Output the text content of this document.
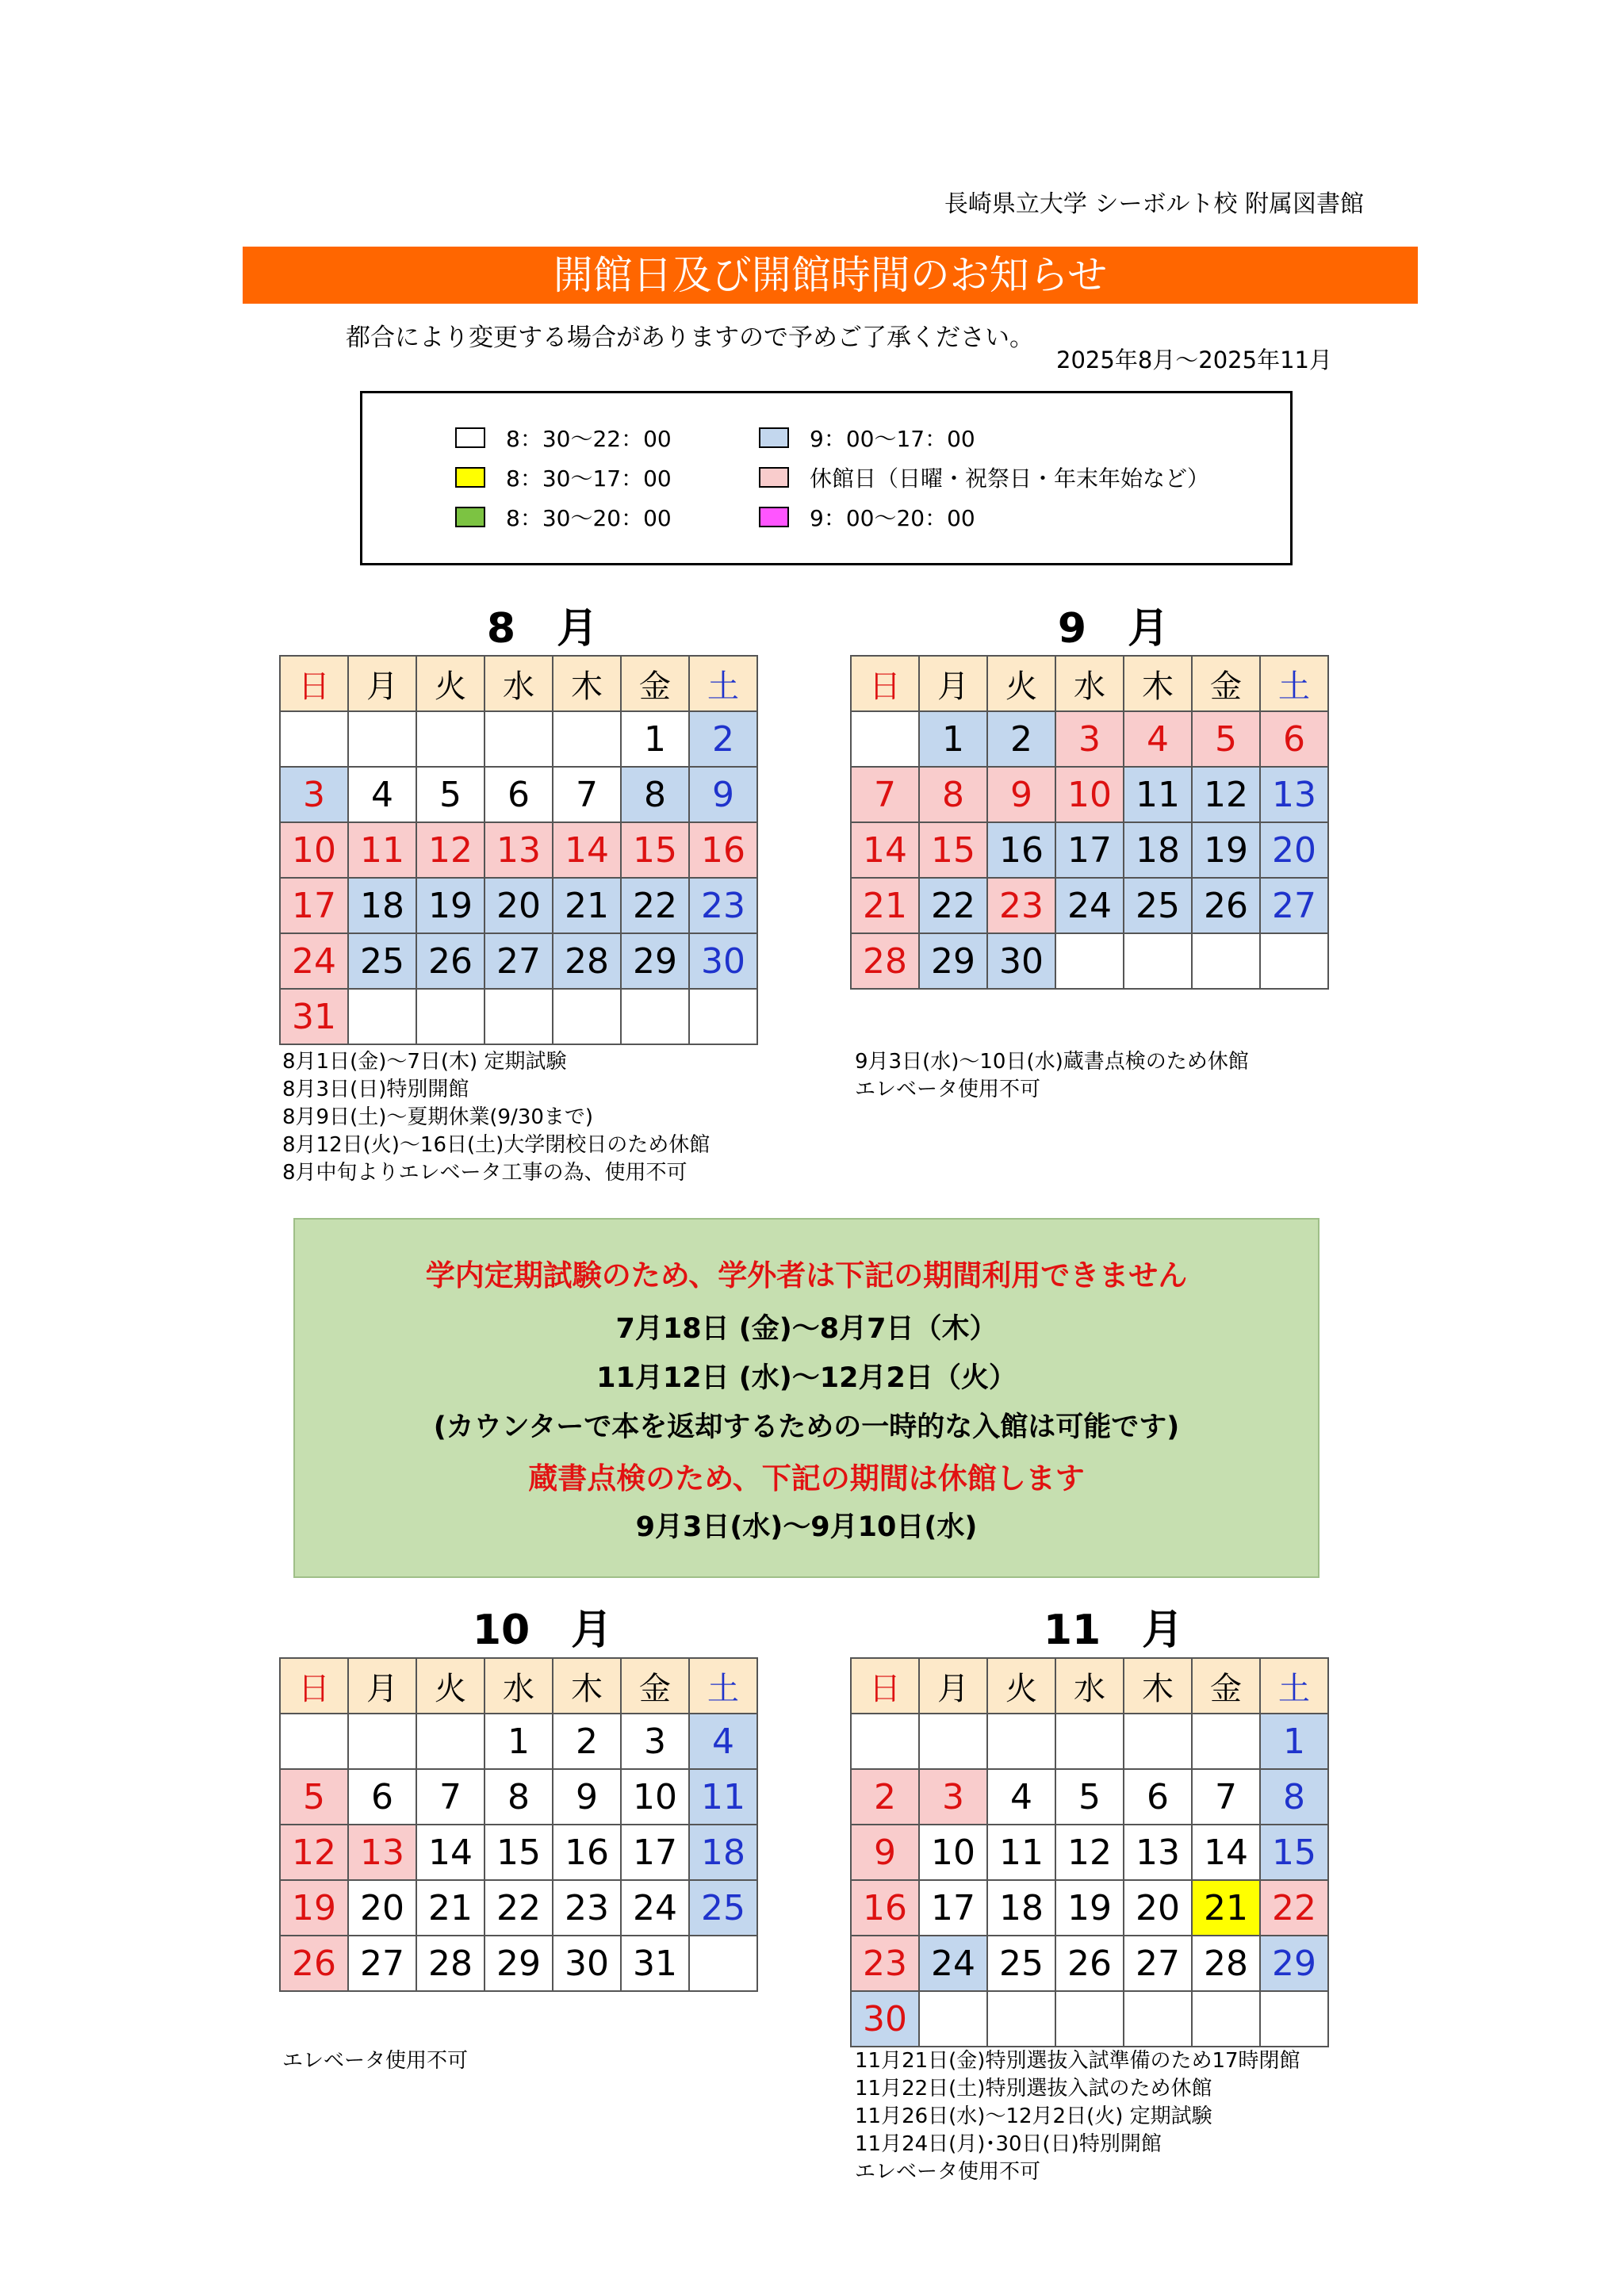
長崎県立大学 シーボルト校 附属図書館
開館日及び開館時間のお知らせ
都合により変更する場合がありますので予めご了承ください。
2025年8月〜2025年11月
8：30〜22：00
8：30〜17：00
8：30〜20：00
9：00〜17：00
休館日（日曜・祝祭日・年末年始など）
9：00〜20：00
8　月
日	月	火	水	木	金	土
					1	2
3	4	5	6	7	8	9
10	11	12	13	14	15	16
17	18	19	20	21	22	23
24	25	26	27	28	29	30
31						
8月1日(金)〜7日(木) 定期試験
8月3日(日)特別開館
8月9日(土)〜夏期休業(9/30まで)
8月12日(火)〜16日(土)大学閉校日のため休館
8月中旬よりエレベータ工事の為、使用不可
9　月
日	月	火	水	木	金	土
	1	2	3	4	5	6
7	8	9	10	11	12	13
14	15	16	17	18	19	20
21	22	23	24	25	26	27
28	29	30				
9月3日(水)〜10日(水)蔵書点検のため休館
エレベータ使用不可
学内定期試験のため、学外者は下記の期間利用できません
7月18日 (金)〜8月7日（木）
11月12日 (水)〜12月2日（火）
(カウンターで本を返却するための一時的な入館は可能です)
蔵書点検のため、下記の期間は休館します
9月3日(水)〜9月10日(水)
10　月
日	月	火	水	木	金	土
			1	2	3	4
5	6	7	8	9	10	11
12	13	14	15	16	17	18
19	20	21	22	23	24	25
26	27	28	29	30	31	
エレベータ使用不可
11　月
日	月	火	水	木	金	土
						1
2	3	4	5	6	7	8
9	10	11	12	13	14	15
16	17	18	19	20	21	22
23	24	25	26	27	28	29
30						
11月21日(金)特別選抜入試準備のため17時閉館
11月22日(土)特別選抜入試のため休館
11月26日(水)〜12月2日(火) 定期試験
11月24日(月)･30日(日)特別開館
エレベータ使用不可
